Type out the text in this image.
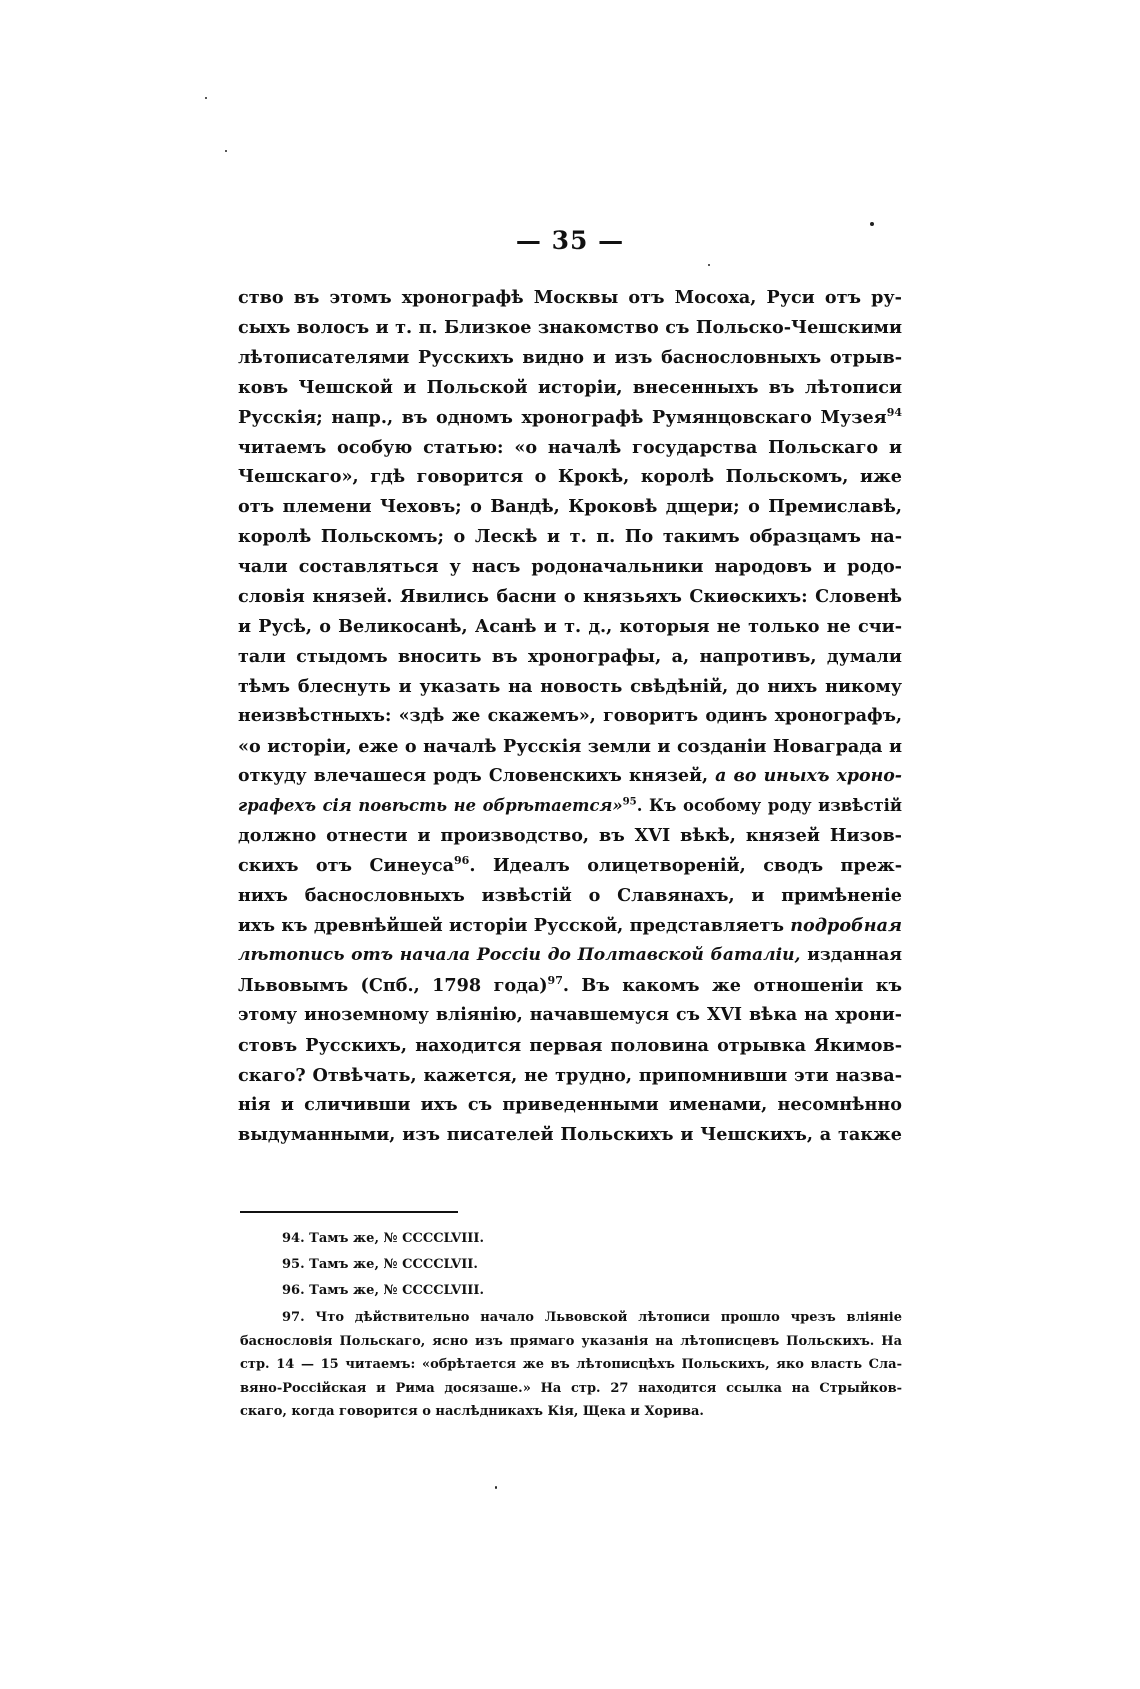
— 35 —
ство въ этомъ хронографѣ Москвы отъ Мосоха, Руси отъ ру-
сыхъ волосъ и т. п. Близкое знакомство съ Польско-Чешскими
лѣтописателями Русскихъ видно и изъ баснословныхъ отрыв-
ковъ Чешской и Польской исторіи, внесенныхъ въ лѣтописи
Русскія; напр., въ одномъ хронографѣ Румянцовскаго Музея$^{94}$
читаемъ особую статью: «о началѣ государства Польскаго и
Чешскаго», гдѣ говорится о Крокѣ, королѣ Польскомъ, иже
отъ племени Чеховъ; о Вандѣ, Кроковѣ дщери; о Премиславѣ,
королѣ Польскомъ; о Лескѣ и т. п. По такимъ образцамъ на-
чали составляться у насъ родоначальники народовъ и родо-
словія князей. Явились басни о князьяхъ Скиѳскихъ: Словенѣ
и Русѣ, о Великосанѣ, Асанѣ и т. д., которыя не только не счи-
тали стыдомъ вносить въ хронографы, а, напротивъ, думали
тѣмъ блеснуть и указать на новость свѣдѣній, до нихъ никому
неизвѣстныхъ: «здѣ же скажемъ», говоритъ одинъ хронографъ,
«о исторіи, еже о началѣ Русскія земли и созданіи Новаграда и
откуду влечашеся родъ Словенскихъ князей, а во иныхъ хроно-
графехъ сія повѣсть не обрѣтается»$^{95}$. Къ особому роду извѣстій
должно отнести и производство, въ XVI вѣкѣ, князей Низов-
скихъ отъ Синеуса$^{96}$. Идеалъ олицетвореній, сводъ преж-
нихъ баснословныхъ извѣстій о Славянахъ, и примѣненіе
ихъ къ древнѣйшей исторіи Русской, представляетъ подробная
лѣтопись отъ начала Россіи до Полтавской баталіи, изданная
Львовымъ (Спб., 1798 года)$^{97}$. Въ какомъ же отношеніи къ
этому иноземному вліянію, начавшемуся съ XVI вѣка на хрони-
стовъ Русскихъ, находится первая половина отрывка Якимов-
скаго? Отвѣчать, кажется, не трудно, припомнивши эти назва-
нія и сличивши ихъ съ приведенными именами, несомнѣнно
выдуманными, изъ писателей Польскихъ и Чешскихъ, а также
94. Тамъ же, № CCCCLVIII.
95. Тамъ же, № CCCCLVII.
96. Тамъ же, № CCCCLVIII.
97. Что дѣйствительно начало Львовской лѣтописи прошло чрезъ вліяніе
баснословія Польскаго, ясно изъ прямаго указанія на лѣтописцевъ Польскихъ. На
стр. 14 — 15 читаемъ: «обрѣтается же въ лѣтописцѣхъ Польскихъ, яко власть Сла-
вяно-Россійская и Рима досязаше.» На стр. 27 находится ссылка на Стрыйков-
скаго, когда говорится о наслѣдникахъ Кія, Щека и Хорива.
